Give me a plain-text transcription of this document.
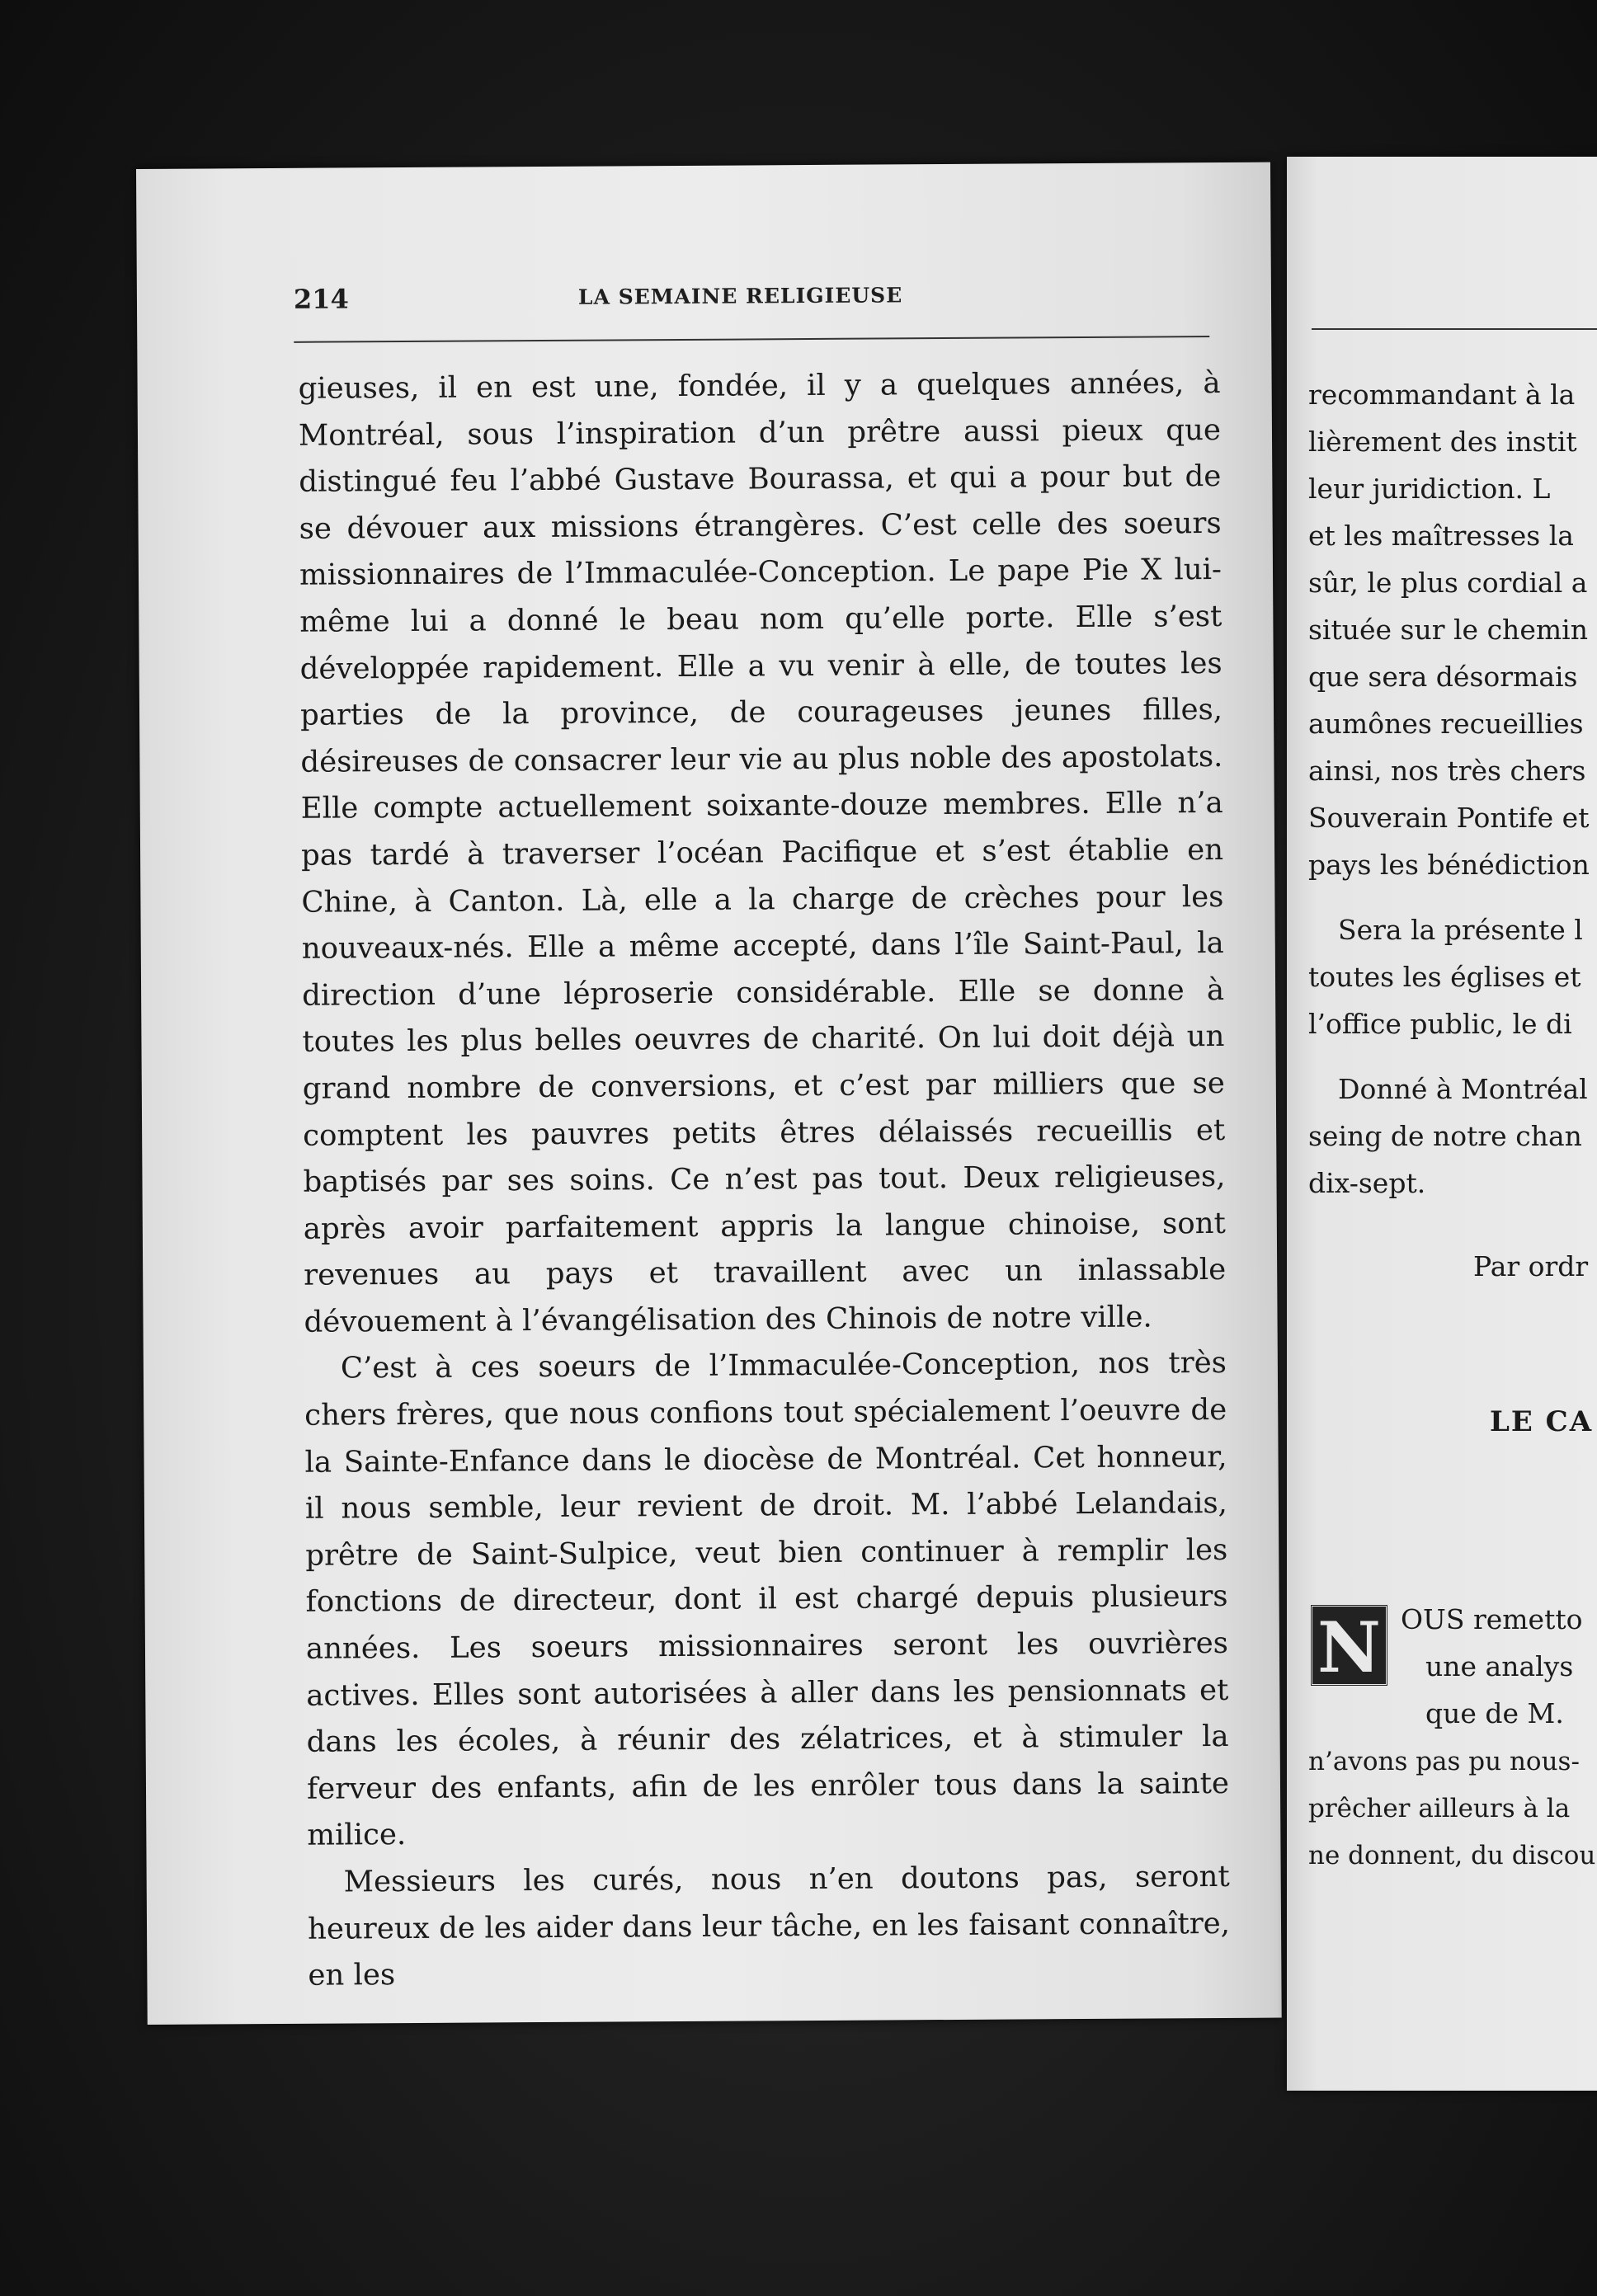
214	LA SEMAINE RELIGIEUSE

gieuses, il en est une, fondée, il y a quelques années, à Montréal, sous l’inspiration d’un prêtre aussi pieux que distingué feu l’abbé Gustave Bourassa, et qui a pour but de se dévouer aux missions étrangères. C’est celle des soeurs missionnaires de l’Immaculée-Conception. Le pape Pie X lui-même lui a donné le beau nom qu’elle porte. Elle s’est développée rapidement. Elle a vu venir à elle, de toutes les parties de la province, de courageuses jeunes filles, désireuses de consacrer leur vie au plus noble des apostolats. Elle compte actuellement soixante-douze membres. Elle n’a pas tardé à traverser l’océan Pacifique et s’est établie en Chine, à Canton. Là, elle a la charge de crèches pour les nouveaux-nés. Elle a même accepté, dans l’île Saint-Paul, la direction d’une léproserie considérable. Elle se donne à toutes les plus belles oeuvres de charité. On lui doit déjà un grand nombre de conversions, et c’est par milliers que se comptent les pauvres petits êtres délaissés recueillis et baptisés par ses soins. Ce n’est pas tout. Deux religieuses, après avoir parfaitement appris la langue chinoise, sont revenues au pays et travaillent avec un inlassable dévouement à l’évangélisation des Chinois de notre ville.

C’est à ces soeurs de l’Immaculée-Conception, nos très chers frères, que nous confions tout spécialement l’oeuvre de la Sainte-Enfance dans le diocèse de Montréal. Cet honneur, il nous semble, leur revient de droit. M. l’abbé Lelandais, prêtre de Saint-Sulpice, veut bien continuer à remplir les fonctions de directeur, dont il est chargé depuis plusieurs années. Les soeurs missionnaires seront les ouvrières actives. Elles sont autorisées à aller dans les pensionnats et dans les écoles, à réunir des zélatrices, et à stimuler la ferveur des enfants, afin de les enrôler tous dans la sainte milice.

Messieurs les curés, nous n’en doutons pas, seront heureux de les aider dans leur tâche, en les faisant connaître, en les

recommandant à la
lièrement des instit
leur juridiction. L
et les maîtresses la
sûr, le plus cordial a
située sur le chemin
que sera désormais
aumônes recueillies
ainsi, nos très chers
Souverain Pontife et
pays les bénédiction
Sera la présente l
toutes les églises et
l’office public, le di
Donné à Montréal
seing de notre chan
dix-sept.
Par ordr
LE CA
N OUS remetto
une analys
que de M.
n’avons pas pu nous-
prêcher ailleurs à la
ne donnent, du discou
